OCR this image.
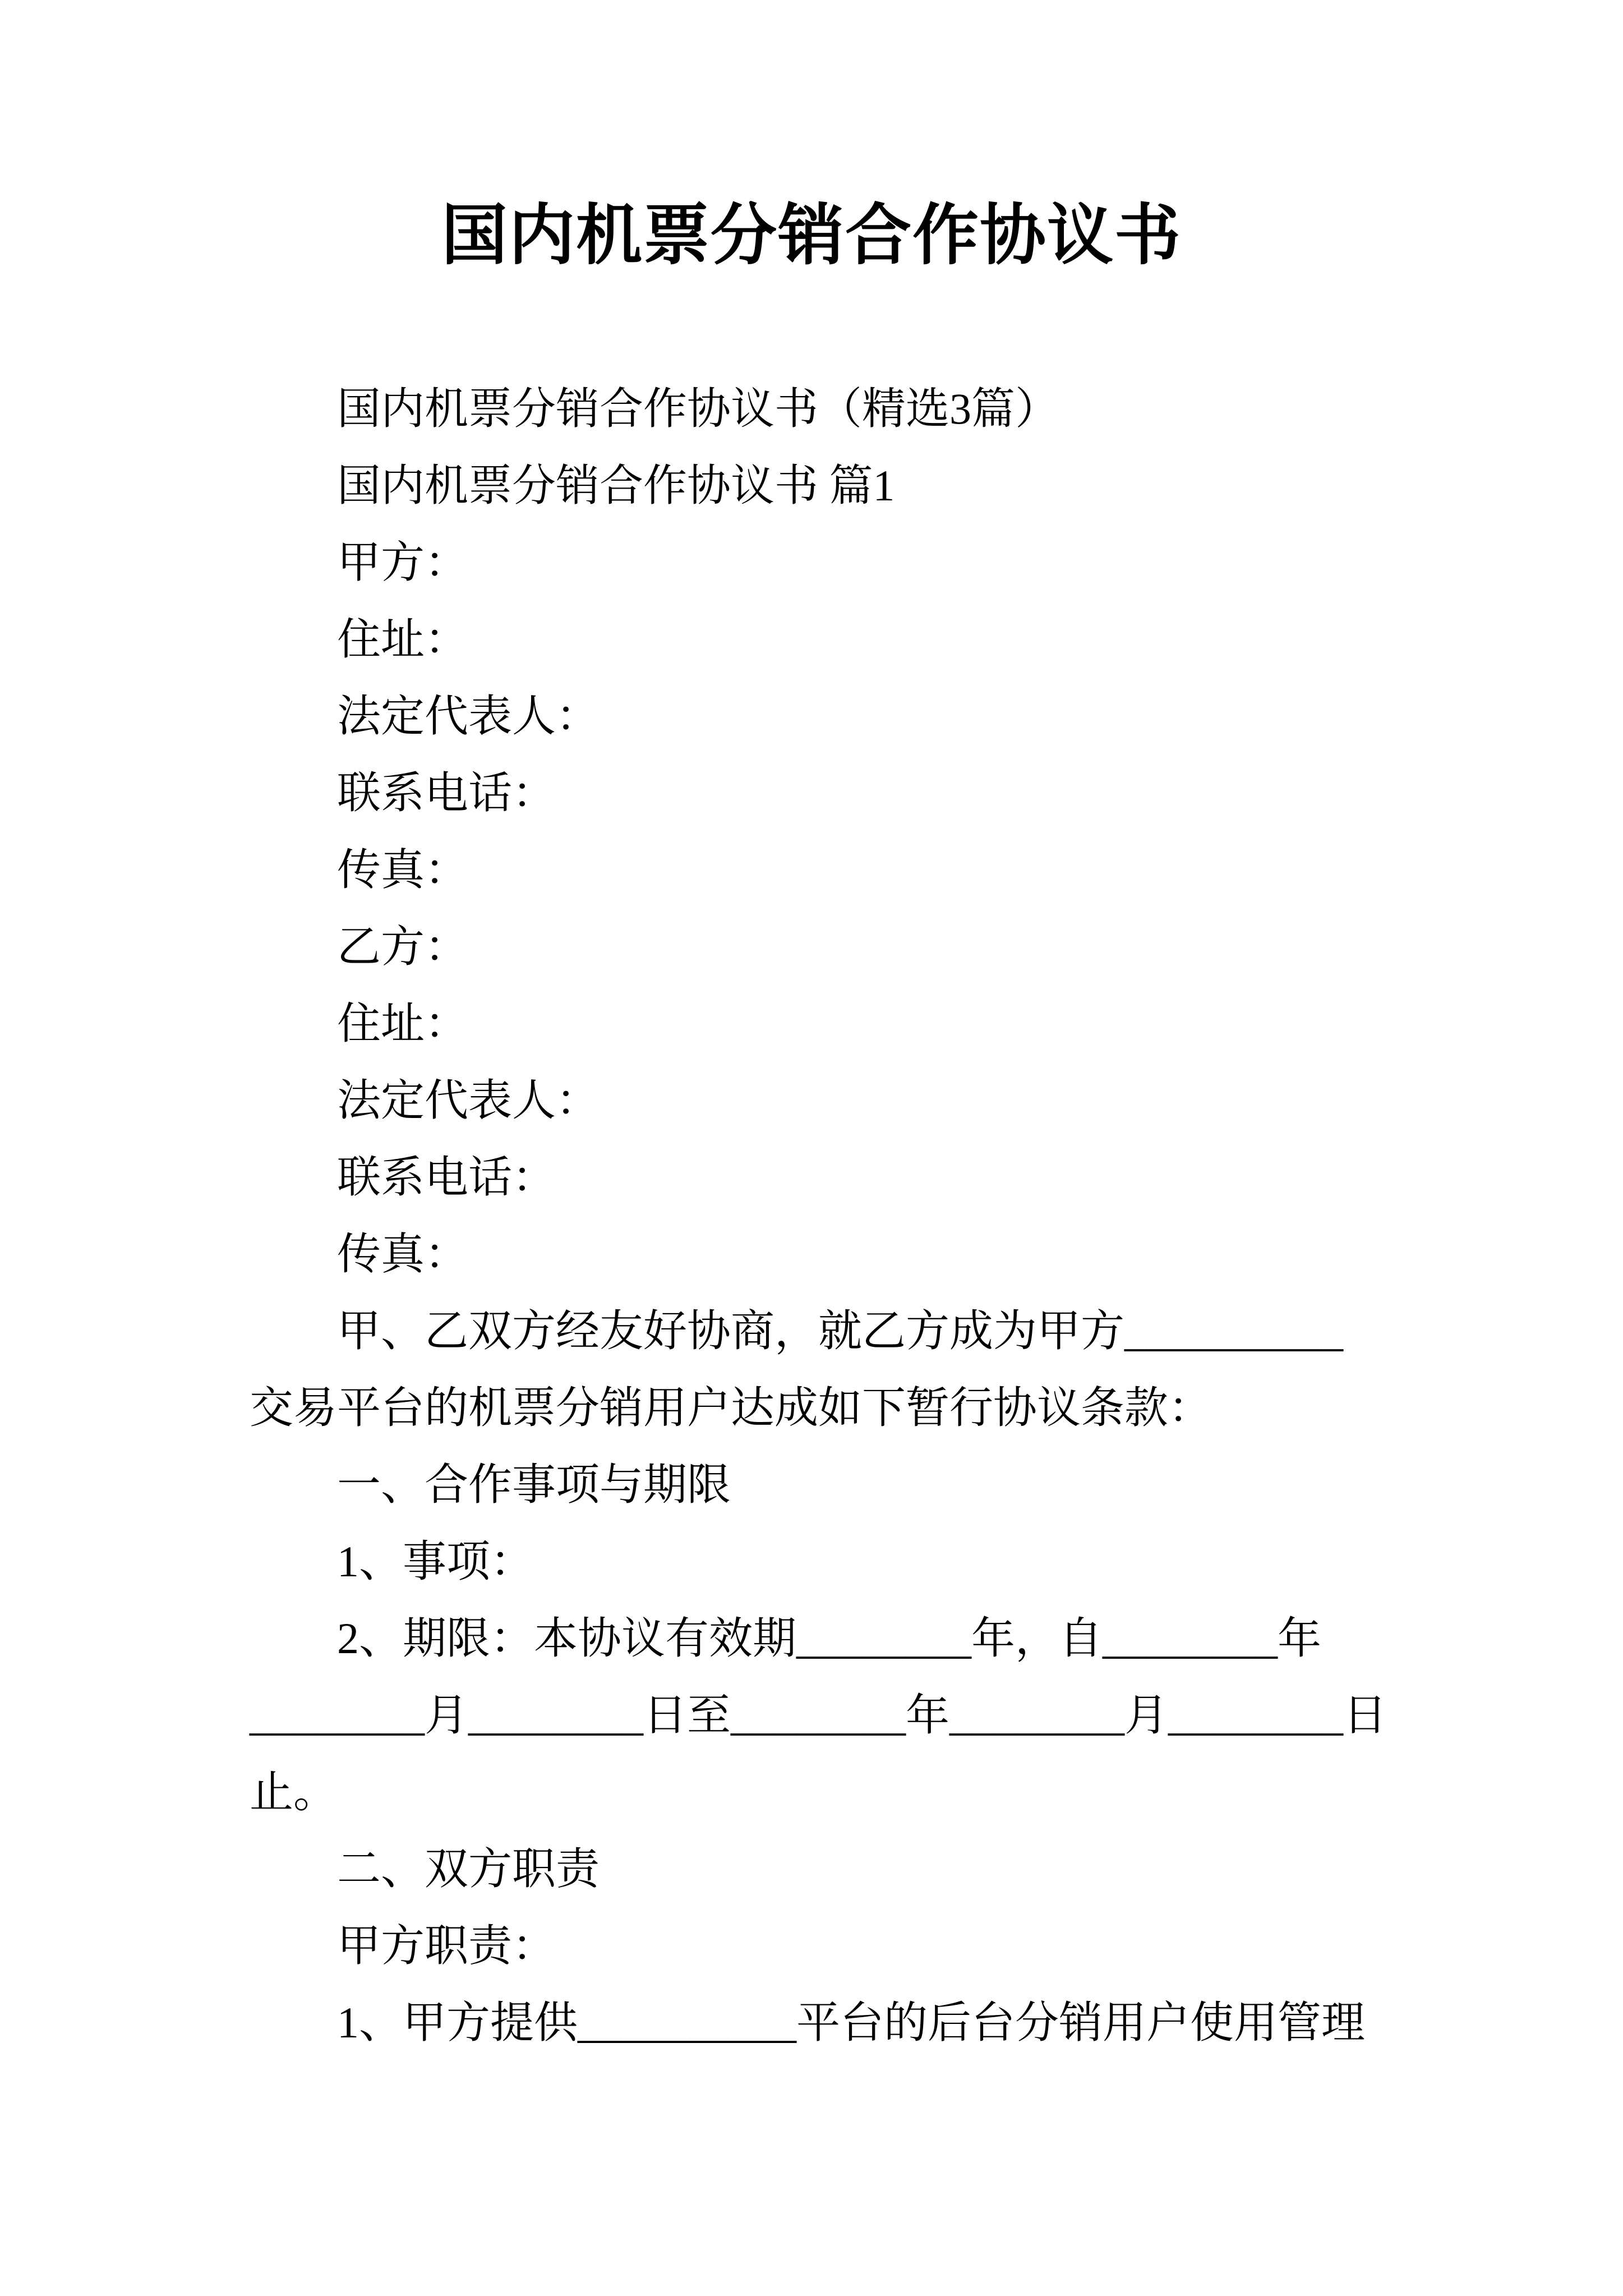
国内机票分销合作协议书
国内机票分销合作协议书（精选3篇）
国内机票分销合作协议书 篇1
甲方：
住址：
法定代表人：
联系电话：
传真：
乙方：
住址：
法定代表人：
联系电话：
传真：
甲、乙双方经友好协商，就乙方成为甲方__________
交易平台的机票分销用户达成如下暂行协议条款：
一、合作事项与期限
1、事项：
2、期限：本协议有效期________年，自________年
________月________日至________年________月________日
止。
二、双方职责
甲方职责：
1、甲方提供__________平台的后台分销用户使用管理
